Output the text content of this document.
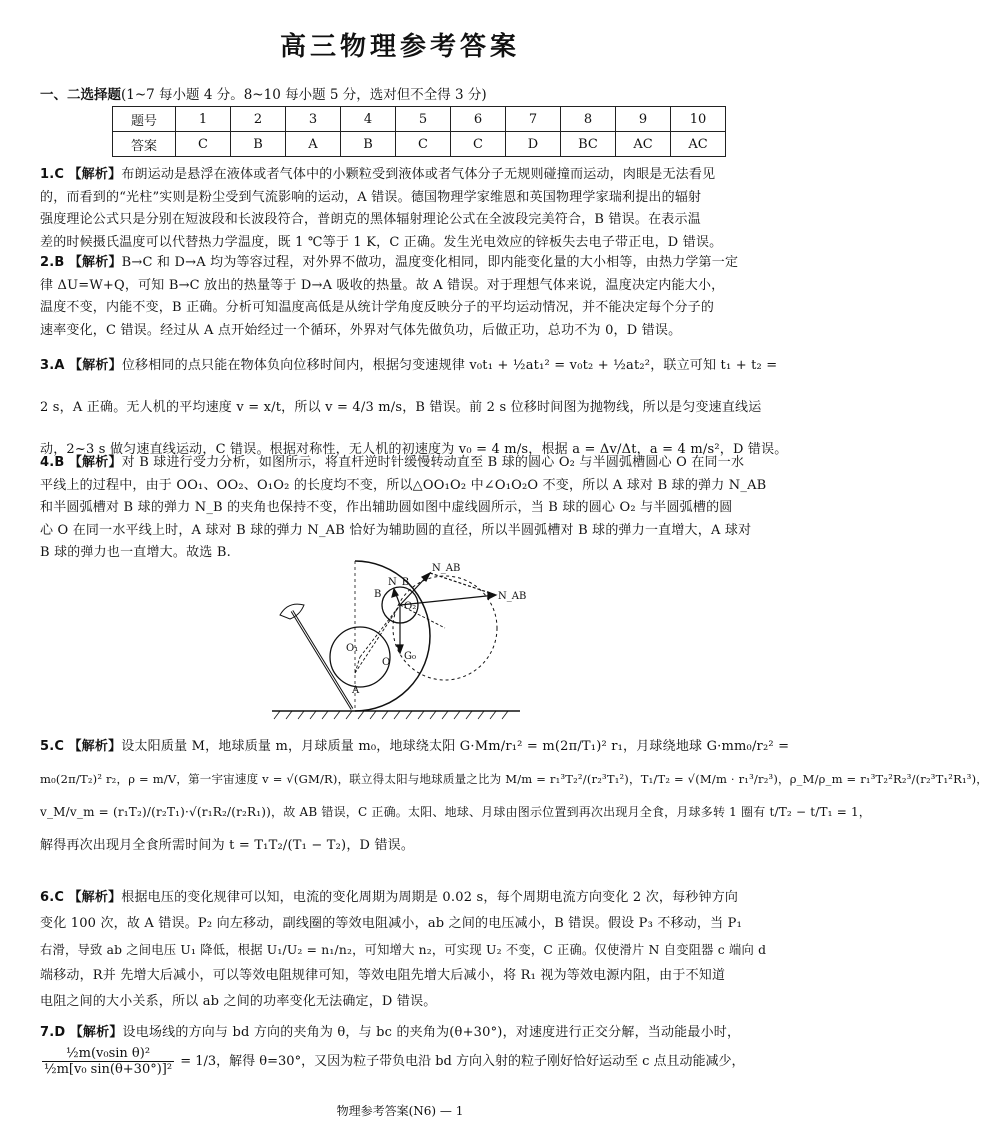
高三物理参考答案
一、二选择题(1~7 每小题 4 分。8~10 每小题 5 分，选对但不全得 3 分)
题号	1	2	3	4	5	6	7	8	9	10
答案	C	B	A	B	C	C	D	BC	AC	AC

1.C 【解析】布朗运动是悬浮在液体或者气体中的小颗粒受到液体或者气体分子无规则碰撞而运动，肉眼是无法看见

的，而看到的“光柱”实则是粉尘受到气流影响的运动，A 错误。德国物理学家维恩和英国物理学家瑞利提出的辐射

强度理论公式只是分别在短波段和长波段符合，普朗克的黑体辐射理论公式在全波段完美符合，B 错误。在表示温

差的时候摄氏温度可以代替热力学温度，既 1 ℃等于 1 K，C 正确。发生光电效应的锌板失去电子带正电，D 错误。

2.B 【解析】B→C 和 D→A 均为等容过程，对外界不做功，温度变化相同，即内能变化量的大小相等，由热力学第一定

律 ΔU=W+Q，可知 B→C 放出的热量等于 D→A 吸收的热量。故 A 错误。对于理想气体来说，温度决定内能大小，

温度不变，内能不变，B 正确。分析可知温度高低是从统计学角度反映分子的平均运动情况，并不能决定每个分子的

速率变化，C 错误。经过从 A 点开始经过一个循环，外界对气体先做负功，后做正功，总功不为 0，D 错误。

3.A 【解析】位移相同的点只能在物体负向位移时间内，根据匀变速规律 v₀t₁ + ½at₁² = v₀t₂ + ½at₂²，联立可知 t₁ + t₂ =

2 s，A 正确。无人机的平均速度 v = x/t，所以 v = 4/3 m/s，B 错误。前 2 s 位移时间图为抛物线，所以是匀变速直线运

动，2~3 s 做匀速直线运动，C 错误。根据对称性，无人机的初速度为 v₀ = 4 m/s，根据 a = Δv/Δt，a = 4 m/s²，D 错误。

4.B 【解析】对 B 球进行受力分析，如图所示，将直杆逆时针缓慢转动直至 B 球的圆心 O₂ 与半圆弧槽圆心 O 在同一水

平线上的过程中，由于 OO₁、OO₂、O₁O₂ 的长度均不变，所以△OO₁O₂ 中∠O₁O₂O 不变，所以 A 球对 B 球的弹力 N_AB

和半圆弧槽对 B 球的弹力 N_B 的夹角也保持不变，作出辅助圆如图中虚线圆所示，当 B 球的圆心 O₂ 与半圆弧槽的圆

心 O 在同一水平线上时，A 球对 B 球的弹力 N_AB 恰好为辅助圆的直径，所以半圆弧槽对 B 球的弹力一直增大，A 球对

B 球的弹力也一直增大。故选 B.

B
A
O
O₁
O₂
N_B
N_AB
N_AB
G₀

5.C 【解析】设太阳质量 M，地球质量 m，月球质量 m₀，地球绕太阳 G·Mm/r₁² = m(2π/T₁)² r₁，月球绕地球 G·mm₀/r₂² =

m₀(2π/T₂)² r₂，ρ = m/V，第一宇宙速度 v = √(GM/R)，联立得太阳与地球质量之比为 M/m = r₁³T₂²/(r₂³T₁²)，T₁/T₂ = √(M/m · r₁³/r₂³)，ρ_M/ρ_m = r₁³T₂²R₂³/(r₂³T₁²R₁³)，

v_M/v_m = (r₁T₂)/(r₂T₁)·√(r₁R₂/(r₂R₁))，故 AB 错误，C 正确。太阳、地球、月球由图示位置到再次出现月全食，月球多转 1 圈有 t/T₂ − t/T₁ = 1，

解得再次出现月全食所需时间为 t = T₁T₂/(T₁ − T₂)，D 错误。

6.C 【解析】根据电压的变化规律可以知，电流的变化周期为周期是 0.02 s，每个周期电流方向变化 2 次，每秒钟方向

变化 100 次，故 A 错误。P₂ 向左移动，副线圈的等效电阻减小，ab 之间的电压减小，B 错误。假设 P₃ 不移动，当 P₁

右滑，导致 ab 之间电压 U₁ 降低，根据 U₁/U₂ = n₁/n₂，可知增大 n₂，可实现 U₂ 不变，C 正确。仅使滑片 N 自变阻器 c 端向 d

端移动，R并 先增大后减小，可以等效电阻规律可知，等效电阻先增大后减小，将 R₁ 视为等效电源内阻，由于不知道

电阻之间的大小关系，所以 ab 之间的功率变化无法确定，D 错误。

7.D 【解析】设电场线的方向与 bd 方向的夹角为 θ，与 bc 的夹角为(θ+30°)，对速度进行正交分解，当动能最小时，

$\frac{\text{½m(v₀sin θ)²}}{\text{½m[v₀ sin(θ+30°)]²}} = 1/3$，解得 θ=30°，又因为粒子带负电沿 bd 方向入射的粒子刚好恰好运动至 c 点且动能减少，
物理参考答案(N6) — 1
